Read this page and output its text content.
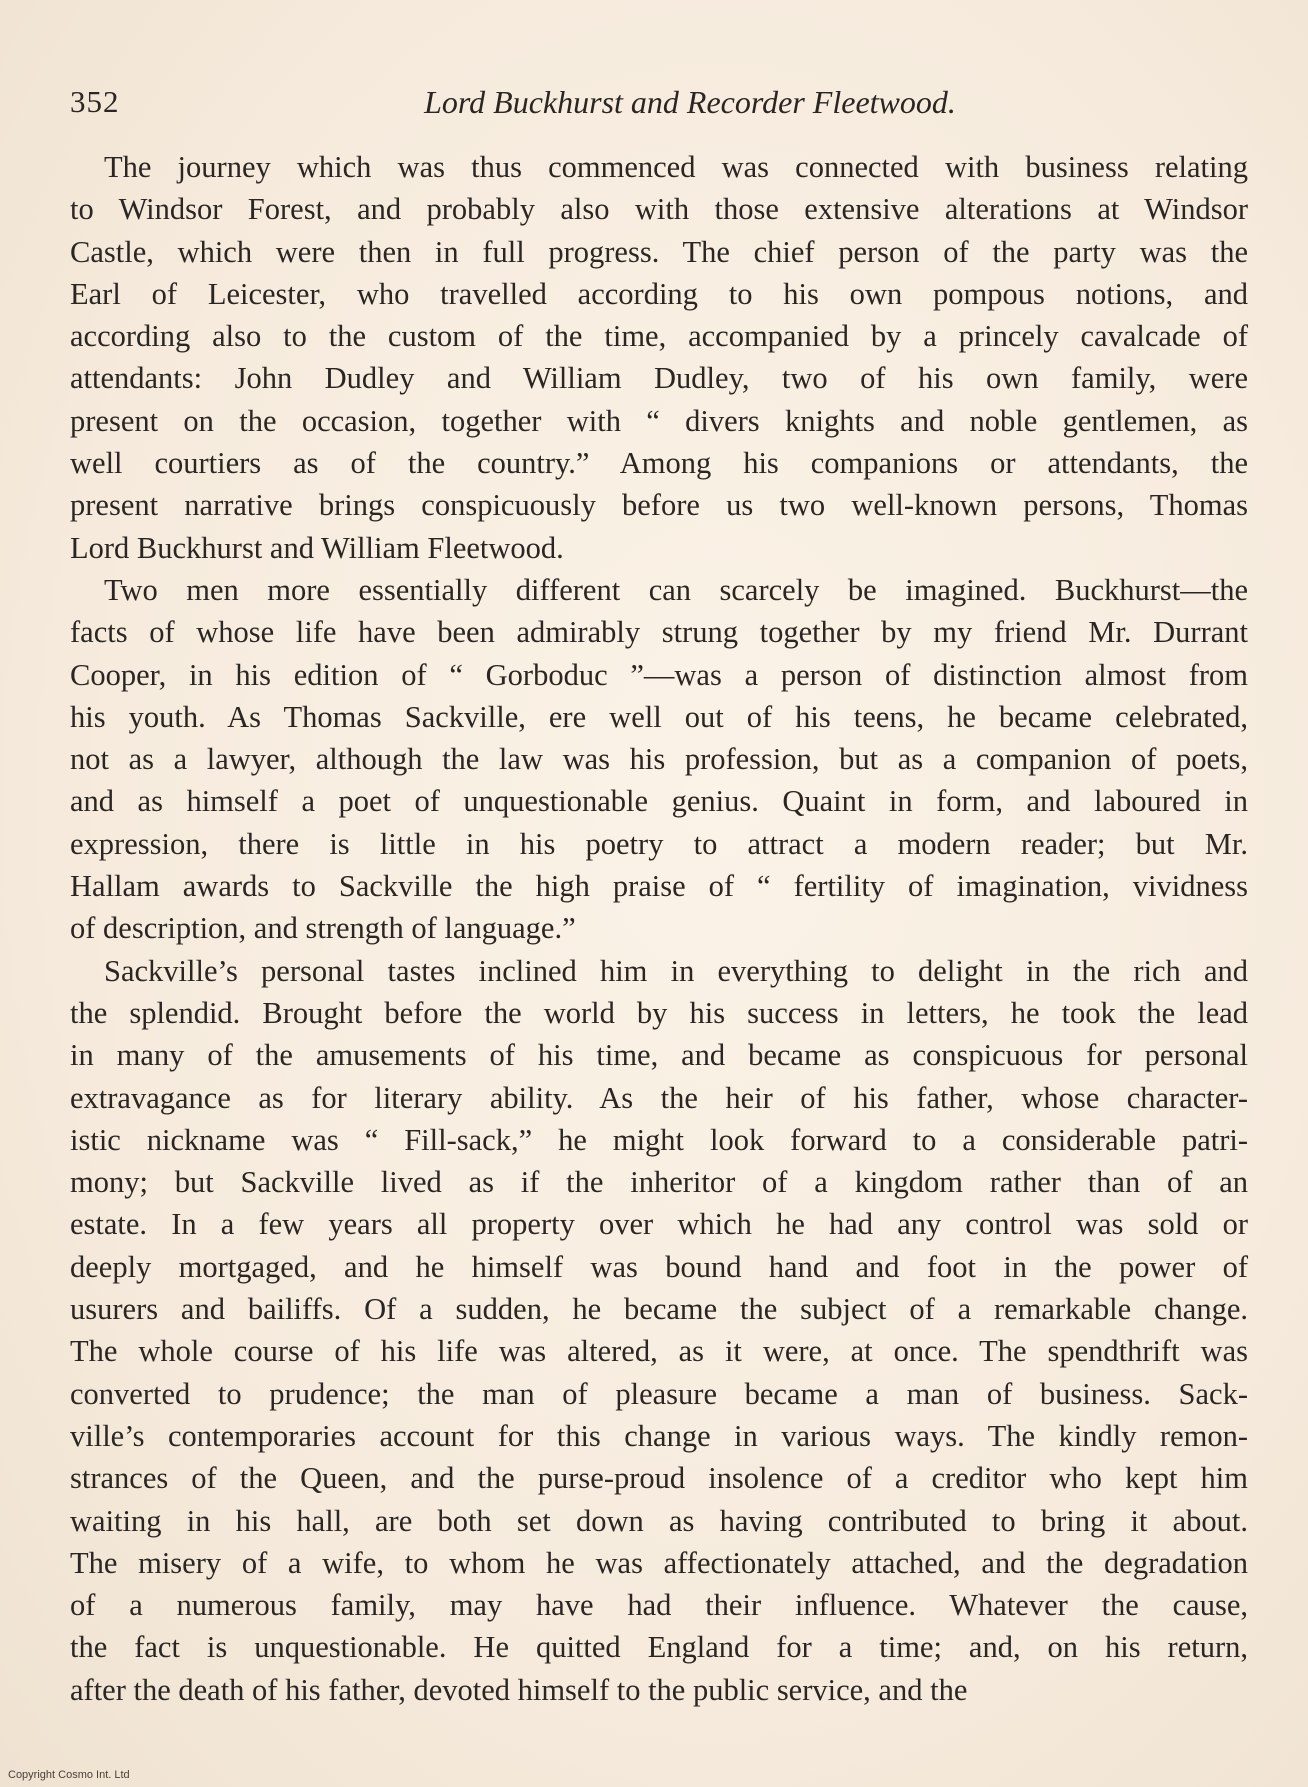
352	Lord Buckhurst and Recorder Fleetwood.
The journey which was thus commenced was connected with business relating
to Windsor Forest, and probably also with those extensive alterations at Windsor
Castle, which were then in full progress. The chief person of the party was the
Earl of Leicester, who travelled according to his own pompous notions, and
according also to the custom of the time, accompanied by a princely cavalcade of
attendants: John Dudley and William Dudley, two of his own family, were
present on the occasion, together with “ divers knights and noble gentlemen, as
well courtiers as of the country.” Among his companions or attendants, the
present narrative brings conspicuously before us two well-known persons, Thomas
Lord Buckhurst and William Fleetwood.
Two men more essentially different can scarcely be imagined. Buckhurst—the
facts of whose life have been admirably strung together by my friend Mr. Durrant
Cooper, in his edition of “ Gorboduc ”—was a person of distinction almost from
his youth. As Thomas Sackville, ere well out of his teens, he became celebrated,
not as a lawyer, although the law was his profession, but as a companion of poets,
and as himself a poet of unquestionable genius. Quaint in form, and laboured in
expression, there is little in his poetry to attract a modern reader; but Mr.
Hallam awards to Sackville the high praise of “ fertility of imagination, vividness
of description, and strength of language.”
Sackville’s personal tastes inclined him in everything to delight in the rich and
the splendid. Brought before the world by his success in letters, he took the lead
in many of the amusements of his time, and became as conspicuous for personal
extravagance as for literary ability. As the heir of his father, whose character-
istic nickname was “ Fill-sack,” he might look forward to a considerable patri-
mony; but Sackville lived as if the inheritor of a kingdom rather than of an
estate. In a few years all property over which he had any control was sold or
deeply mortgaged, and he himself was bound hand and foot in the power of
usurers and bailiffs. Of a sudden, he became the subject of a remarkable change.
The whole course of his life was altered, as it were, at once. The spendthrift was
converted to prudence; the man of pleasure became a man of business. Sack-
ville’s contemporaries account for this change in various ways. The kindly remon-
strances of the Queen, and the purse-proud insolence of a creditor who kept him
waiting in his hall, are both set down as having contributed to bring it about.
The misery of a wife, to whom he was affectionately attached, and the degradation
of a numerous family, may have had their influence. Whatever the cause,
the fact is unquestionable. He quitted England for a time; and, on his return,
after the death of his father, devoted himself to the public service, and the
Copyright Cosmo Int. Ltd
